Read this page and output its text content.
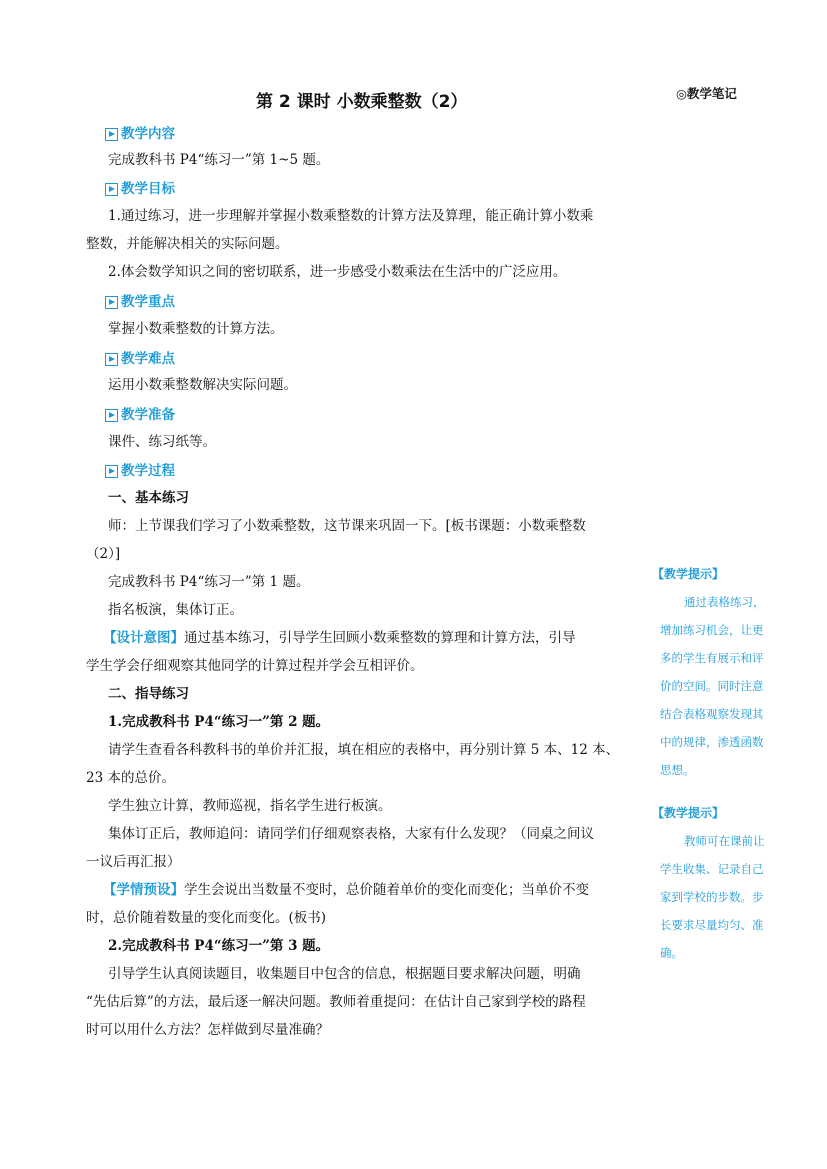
第 2 课时 小数乘整数（2）	◎教学笔记
教学内容
完成教科书 P4“练习一”第 1~5 题。
教学目标
1.通过练习，进一步理解并掌握小数乘整数的计算方法及算理，能正确计算小数乘
整数，并能解决相关的实际问题。
2.体会数学知识之间的密切联系，进一步感受小数乘法在生活中的广泛应用。
教学重点
掌握小数乘整数的计算方法。
教学难点
运用小数乘整数解决实际问题。
教学准备
课件、练习纸等。
教学过程
一、基本练习
师：上节课我们学习了小数乘整数，这节课来巩固一下。[板书课题：小数乘整数
（2）]
完成教科书 P4“练习一”第 1 题。
指名板演，集体订正。
【设计意图】通过基本练习，引导学生回顾小数乘整数的算理和计算方法，引导
学生学会仔细观察其他同学的计算过程并学会互相评价。
二、指导练习
1.完成教科书 P4“练习一”第 2 题。
请学生查看各科教科书的单价并汇报，填在相应的表格中，再分别计算 5 本、12 本、
23 本的总价。
学生独立计算，教师巡视，指名学生进行板演。
集体订正后，教师追问：请同学们仔细观察表格，大家有什么发现？（同桌之间议
一议后再汇报）
【学情预设】学生会说出当数量不变时，总价随着单价的变化而变化；当单价不变
时，总价随着数量的变化而变化。(板书)
2.完成教科书 P4“练习一”第 3 题。
引导学生认真阅读题目，收集题目中包含的信息，根据题目要求解决问题，明确
“先估后算”的方法，最后逐一解决问题。教师着重提问：在估计自己家到学校的路程
时可以用什么方法？怎样做到尽量准确？
【教学提示】
通过表格练习，
增加练习机会，让更
多的学生有展示和评
价的空间。同时注意
结合表格观察发现其
中的规律，渗透函数
思想。
【教学提示】
教师可在课前让
学生收集、记录自己
家到学校的步数。步
长要求尽量均匀、准
确。
